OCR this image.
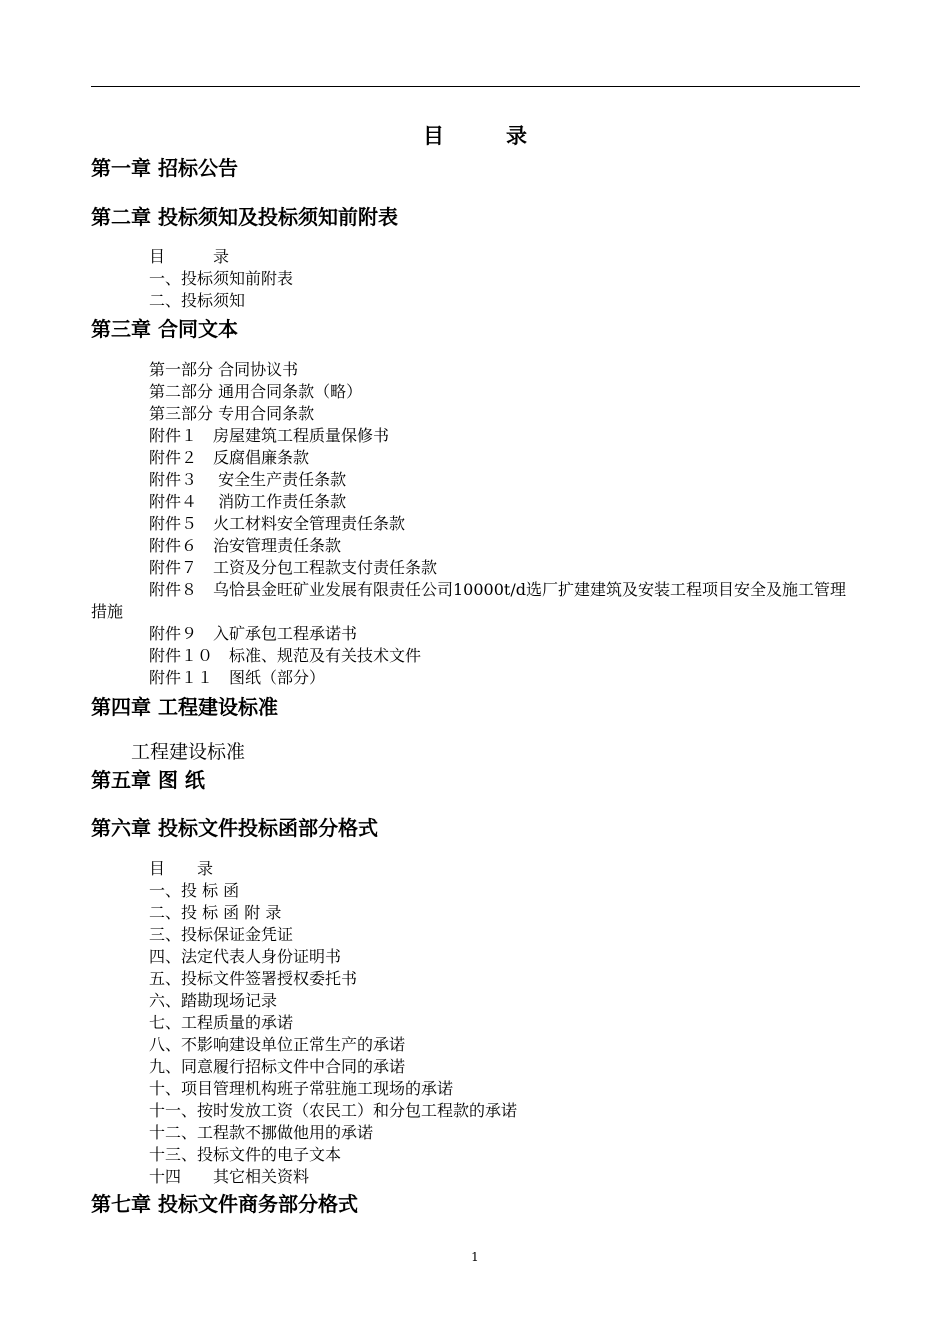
目	录
第一章 招标公告
第二章 投标须知及投标须知前附表
目　　　录
一、投标须知前附表
二、投标须知
第三章 合同文本
第一部分 合同协议书
第二部分 通用合同条款（略）
第三部分 专用合同条款
附件１　房屋建筑工程质量保修书
附件２　反腐倡廉条款
附件３　 安全生产责任条款
附件４　 消防工作责任条款
附件５　火工材料安全管理责任条款
附件６　治安管理责任条款
附件７　工资及分包工程款支付责任条款
附件８　乌恰县金旺矿业发展有限责任公司10000t/d选厂扩建建筑及安装工程项目安全及施工管理措施
附件９　入矿承包工程承诺书
附件１０　标准、规范及有关技术文件
附件１１　图纸（部分）
第四章 工程建设标准
工程建设标准
第五章 图 纸
第六章 投标文件投标函部分格式
目　　录
一、投 标 函
二、投 标 函 附 录
三、投标保证金凭证
四、法定代表人身份证明书
五、投标文件签署授权委托书
六、踏勘现场记录
七、工程质量的承诺
八、不影响建设单位正常生产的承诺
九、同意履行招标文件中合同的承诺
十、项目管理机构班子常驻施工现场的承诺
十一、按时发放工资（农民工）和分包工程款的承诺
十二、工程款不挪做他用的承诺
十三、投标文件的电子文本
十四　　其它相关资料
第七章 投标文件商务部分格式
1
